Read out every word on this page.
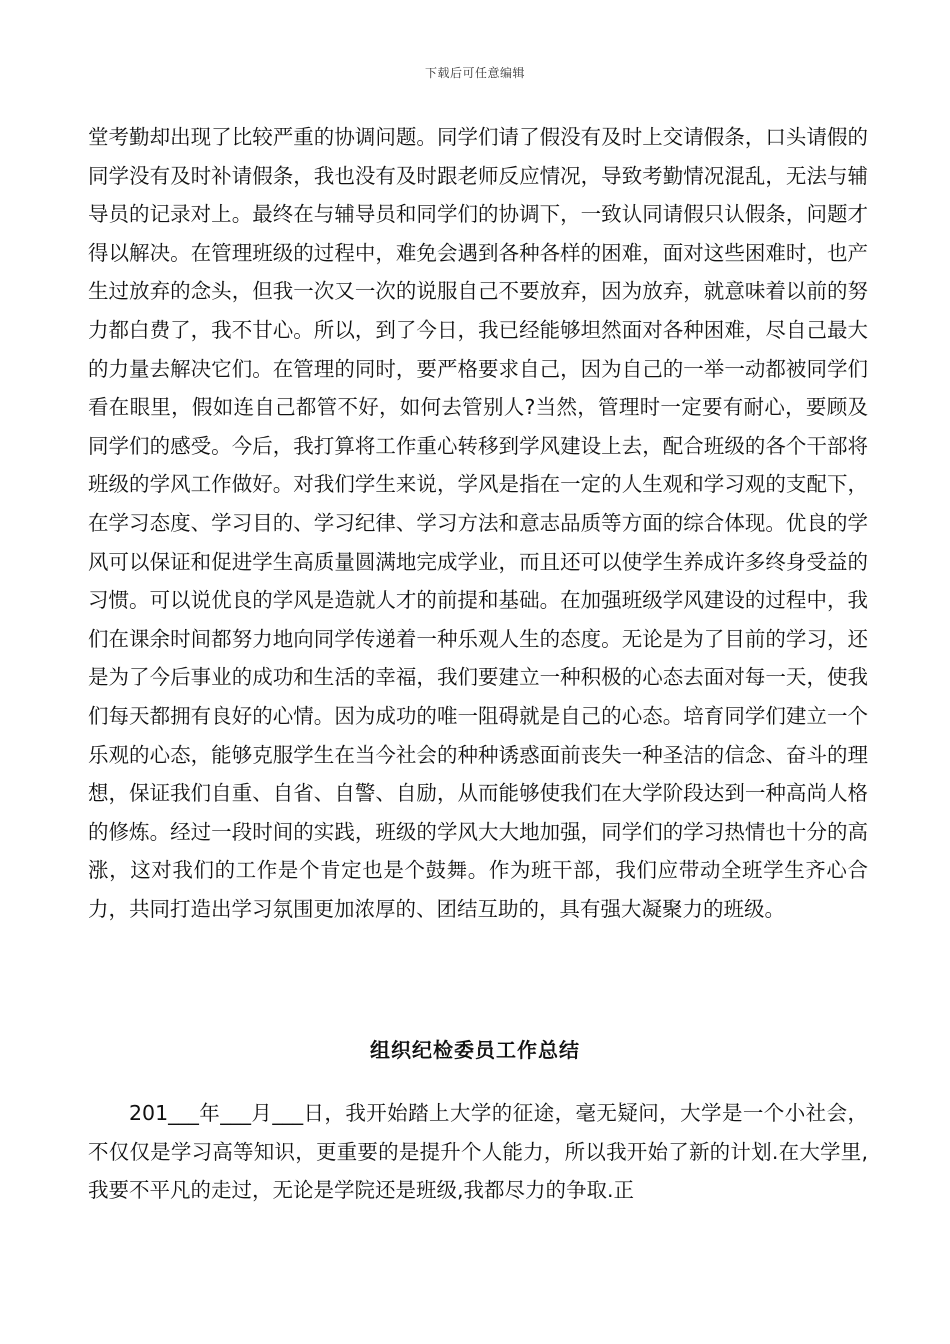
下载后可任意编辑

堂考勤却出现了比较严重的协调问题。同学们请了假没有及时上交请假条，口头请假的同学没有及时补请假条，我也没有及时跟老师反应情况，导致考勤情况混乱，无法与辅导员的记录对上。最终在与辅导员和同学们的协调下，一致认同请假只认假条，问题才得以解决。在管理班级的过程中，难免会遇到各种各样的困难，面对这些困难时，也产生过放弃的念头，但我一次又一次的说服自己不要放弃，因为放弃，就意味着以前的努力都白费了，我不甘心。所以，到了今日，我已经能够坦然面对各种困难，尽自己最大的力量去解决它们。在管理的同时，要严格要求自己，因为自己的一举一动都被同学们看在眼里，假如连自己都管不好，如何去管别人?当然，管理时一定要有耐心，要顾及同学们的感受。今后，我打算将工作重心转移到学风建设上去，配合班级的各个干部将班级的学风工作做好。对我们学生来说，学风是指在一定的人生观和学习观的支配下，在学习态度、学习目的、学习纪律、学习方法和意志品质等方面的综合体现。优良的学风可以保证和促进学生高质量圆满地完成学业，而且还可以使学生养成许多终身受益的习惯。可以说优良的学风是造就人才的前提和基础。在加强班级学风建设的过程中，我们在课余时间都努力地向同学传递着一种乐观人生的态度。无论是为了目前的学习，还是为了今后事业的成功和生活的幸福，我们要建立一种积极的心态去面对每一天，使我们每天都拥有良好的心情。因为成功的唯一阻碍就是自己的心态。培育同学们建立一个乐观的心态，能够克服学生在当今社会的种种诱惑面前丧失一种圣洁的信念、奋斗的理想，保证我们自重、自省、自警、自励，从而能够使我们在大学阶段达到一种高尚人格的修炼。经过一段时间的实践，班级的学风大大地加强，同学们的学习热情也十分的高涨，这对我们的工作是个肯定也是个鼓舞。作为班干部，我们应带动全班学生齐心合力，共同打造出学习氛围更加浓厚的、团结互助的，具有强大凝聚力的班级。

组织纪检委员工作总结

201___年___月___日，我开始踏上大学的征途，毫无疑问，大学是一个小社会，不仅仅是学习高等知识，更重要的是提升个人能力，所以我开始了新的计划.在大学里,我要不平凡的走过，无论是学院还是班级,我都尽力的争取.正
